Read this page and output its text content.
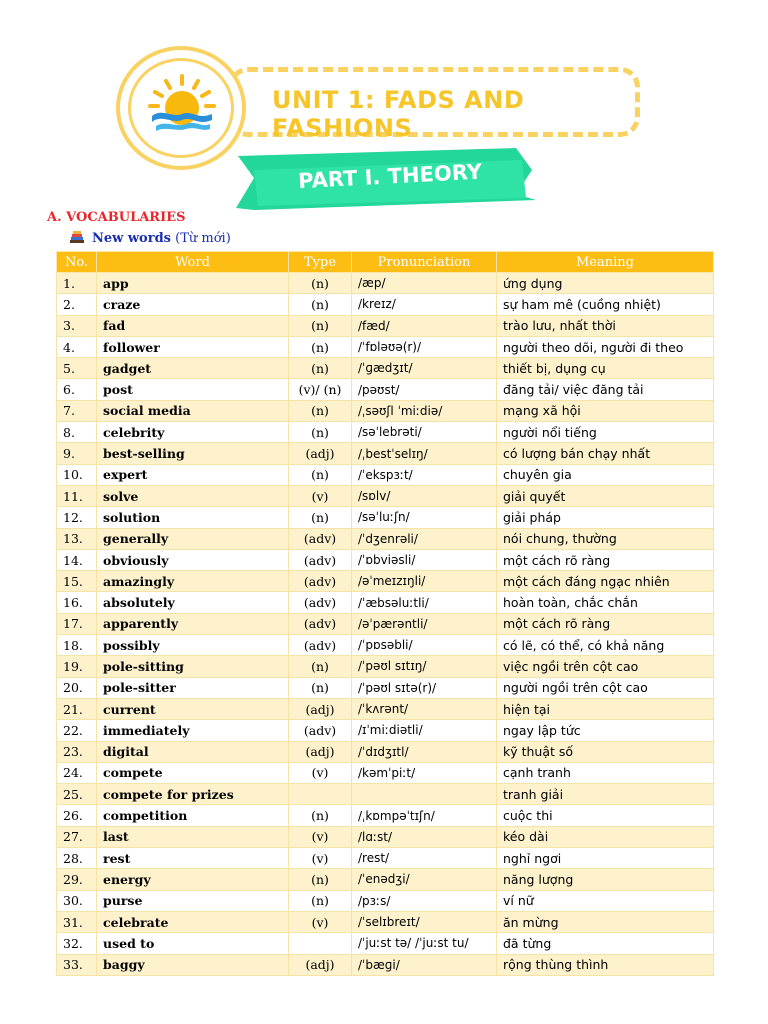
UNIT 1: FADS AND FASHIONS
PART I. THEORY
A. VOCABULARIES
New words (Từ mới)
No.	Word	Type	Pronunciation	Meaning
1.	app	(n)	/æp/	ứng dụng
2.	craze	(n)	/kreɪz/	sự ham mê (cuồng nhiệt)
3.	fad	(n)	/fæd/	trào lưu, nhất thời
4.	follower	(n)	/ˈfɒləʊə(r)/	người theo dõi, người đi theo
5.	gadget	(n)	/ˈɡædʒɪt/	thiết bị, dụng cụ
6.	post	(v)/ (n)	/pəʊst/	đăng tải/ việc đăng tải
7.	social media	(n)	/ˌsəʊʃl ˈmiːdiə/	mạng xã hội
8.	celebrity	(n)	/səˈlebrəti/	người nổi tiếng
9.	best-selling	(adj)	/ˌbestˈselɪŋ/	có lượng bán chạy nhất
10.	expert	(n)	/ˈekspɜːt/	chuyên gia
11.	solve	(v)	/sɒlv/	giải quyết
12.	solution	(n)	/səˈluːʃn/	giải pháp
13.	generally	(adv)	/ˈdʒenrəli/	nói chung, thường
14.	obviously	(adv)	/ˈɒbviəsli/	một cách rõ ràng
15.	amazingly	(adv)	/əˈmeɪzɪŋli/	một cách đáng ngạc nhiên
16.	absolutely	(adv)	/ˈæbsəluːtli/	hoàn toàn, chắc chắn
17.	apparently	(adv)	/əˈpærəntli/	một cách rõ ràng
18.	possibly	(adv)	/ˈpɒsəbli/	có lẽ, có thể, có khả năng
19.	pole-sitting	(n)	/ˈpəʊl sɪtɪŋ/	việc ngồi trên cột cao
20.	pole-sitter	(n)	/ˈpəʊl sɪtə(r)/	người ngồi trên cột cao
21.	current	(adj)	/ˈkʌrənt/	hiện tại
22.	immediately	(adv)	/ɪˈmiːdiətli/	ngay lập tức
23.	digital	(adj)	/ˈdɪdʒɪtl/	kỹ thuật số
24.	compete	(v)	/kəmˈpiːt/	cạnh tranh
25.	compete for prizes			tranh giải
26.	competition	(n)	/ˌkɒmpəˈtɪʃn/	cuộc thi
27.	last	(v)	/lɑːst/	kéo dài
28.	rest	(v)	/rest/	nghỉ ngơi
29.	energy	(n)	/ˈenədʒi/	năng lượng
30.	purse	(n)	/pɜːs/	ví nữ
31.	celebrate	(v)	/ˈselɪbreɪt/	ăn mừng
32.	used to		/ˈjuːst tə/ /ˈjuːst tu/	đã từng
33.	baggy	(adj)	/ˈbæɡi/	rộng thùng thình
